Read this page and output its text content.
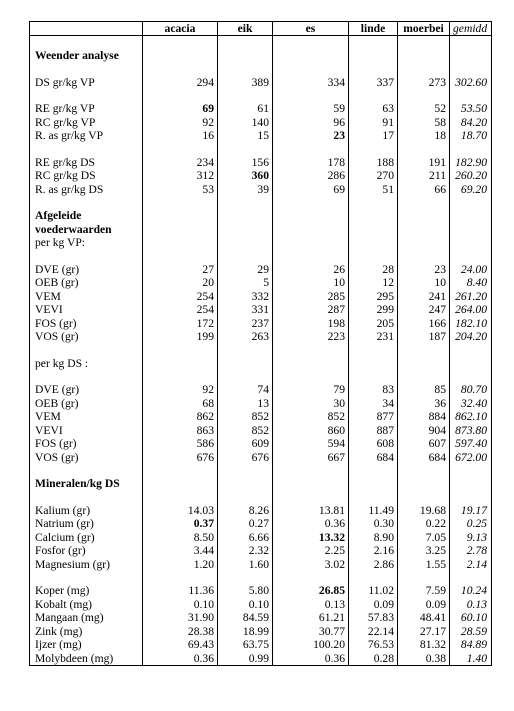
	acacia	eik	es	linde	moerbei	gemidd

Weender analyse						

DS gr/kg VP	294	389	334	337	273	302.60

RE gr/kg VP	69	61	59	63	52	53.50
RC gr/kg VP	92	140	96	91	58	84.20
R. as gr/kg VP	16	15	23	17	18	18.70

RE gr/kg DS	234	156	178	188	191	182.90
RC gr/kg DS	312	360	286	270	211	260.20
R. as gr/kg DS	53	39	69	51	66	69.20

Afgeleide						
voederwaarden						
per kg VP:						

DVE (gr)	27	29	26	28	23	24.00
OEB (gr)	20	5	10	12	10	8.40
VEM	254	332	285	295	241	261.20
VEVI	254	331	287	299	247	264.00
FOS (gr)	172	237	198	205	166	182.10
VOS (gr)	199	263	223	231	187	204.20

per kg DS :						

DVE (gr)	92	74	79	83	85	80.70
OEB (gr)	68	13	30	34	36	32.40
VEM	862	852	852	877	884	862.10
VEVI	863	852	860	887	904	873.80
FOS (gr)	586	609	594	608	607	597.40
VOS (gr)	676	676	667	684	684	672.00

Mineralen/kg DS						

Kalium (gr)	14.03	8.26	13.81	11.49	19.68	19.17
Natrium (gr)	0.37	0.27	0.36	0.30	0.22	0.25
Calcium (gr)	8.50	6.66	13.32	8.90	7.05	9.13
Fosfor (gr)	3.44	2.32	2.25	2.16	3.25	2.78
Magnesium (gr)	1.20	1.60	3.02	2.86	1.55	2.14

Koper (mg)	11.36	5.80	26.85	11.02	7.59	10.24
Kobalt (mg)	0.10	0.10	0.13	0.09	0.09	0.13
Mangaan (mg)	31.90	84.59	61.21	57.83	48.41	60.10
Zink (mg)	28.38	18.99	30.77	22.14	27.17	28.59
Ijzer (mg)	69.43	63.75	100.20	76.53	81.32	84.89
Molybdeen (mg)	0.36	0.99	0.36	0.28	0.38	1.40
